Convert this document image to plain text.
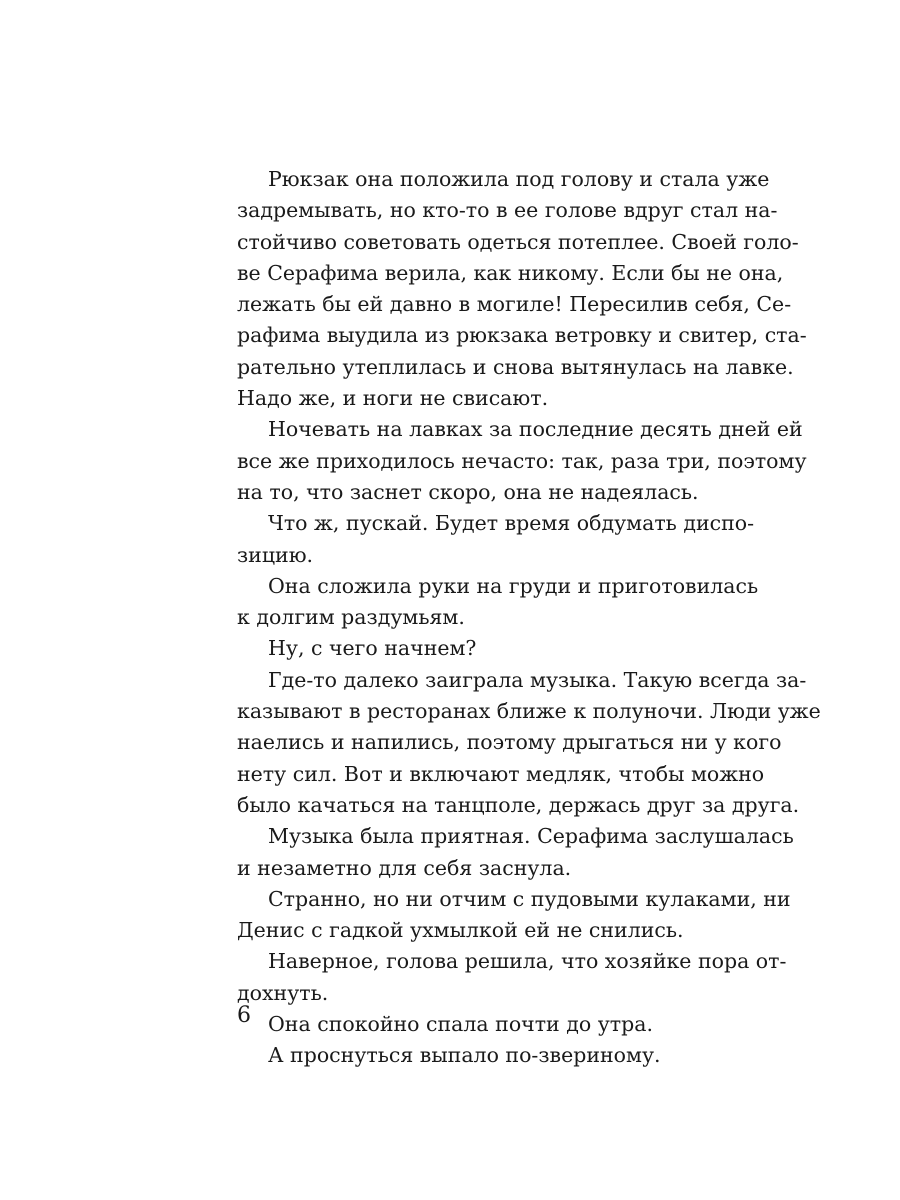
Рюкзак она положила под голову и стала уже
задремывать, но кто-то в ее голове вдруг стал на-
стойчиво советовать одеться потеплее. Своей голо-
ве Серафима верила, как никому. Если бы не она,
лежать бы ей давно в могиле! Пересилив себя, Се-
рафима выудила из рюкзака ветровку и свитер, ста-
рательно утеплилась и снова вытянулась на лавке.
Надо же, и ноги не свисают.

Ночевать на лавках за последние десять дней ей
все же приходилось нечасто: так, раза три, поэтому
на то, что заснет скоро, она не надеялась.

Что ж, пускай. Будет время обдумать диспо-
зицию.

Она сложила руки на груди и приготовилась
к долгим раздумьям.

Ну, с чего начнем?

Где-то далеко заиграла музыка. Такую всегда за-
казывают в ресторанах ближе к полуночи. Люди уже
наелись и напились, поэтому дрыгаться ни у кого
нету сил. Вот и включают медляк, чтобы можно
было качаться на танцполе, держась друг за друга.

Музыка была приятная. Серафима заслушалась
и незаметно для себя заснула.

Странно, но ни отчим с пудовыми кулаками, ни
Денис с гадкой ухмылкой ей не снились.

Наверное, голова решила, что хозяйке пора от-
дохнуть.

Она спокойно спала почти до утра.

А проснуться выпало по-звериному.

6
